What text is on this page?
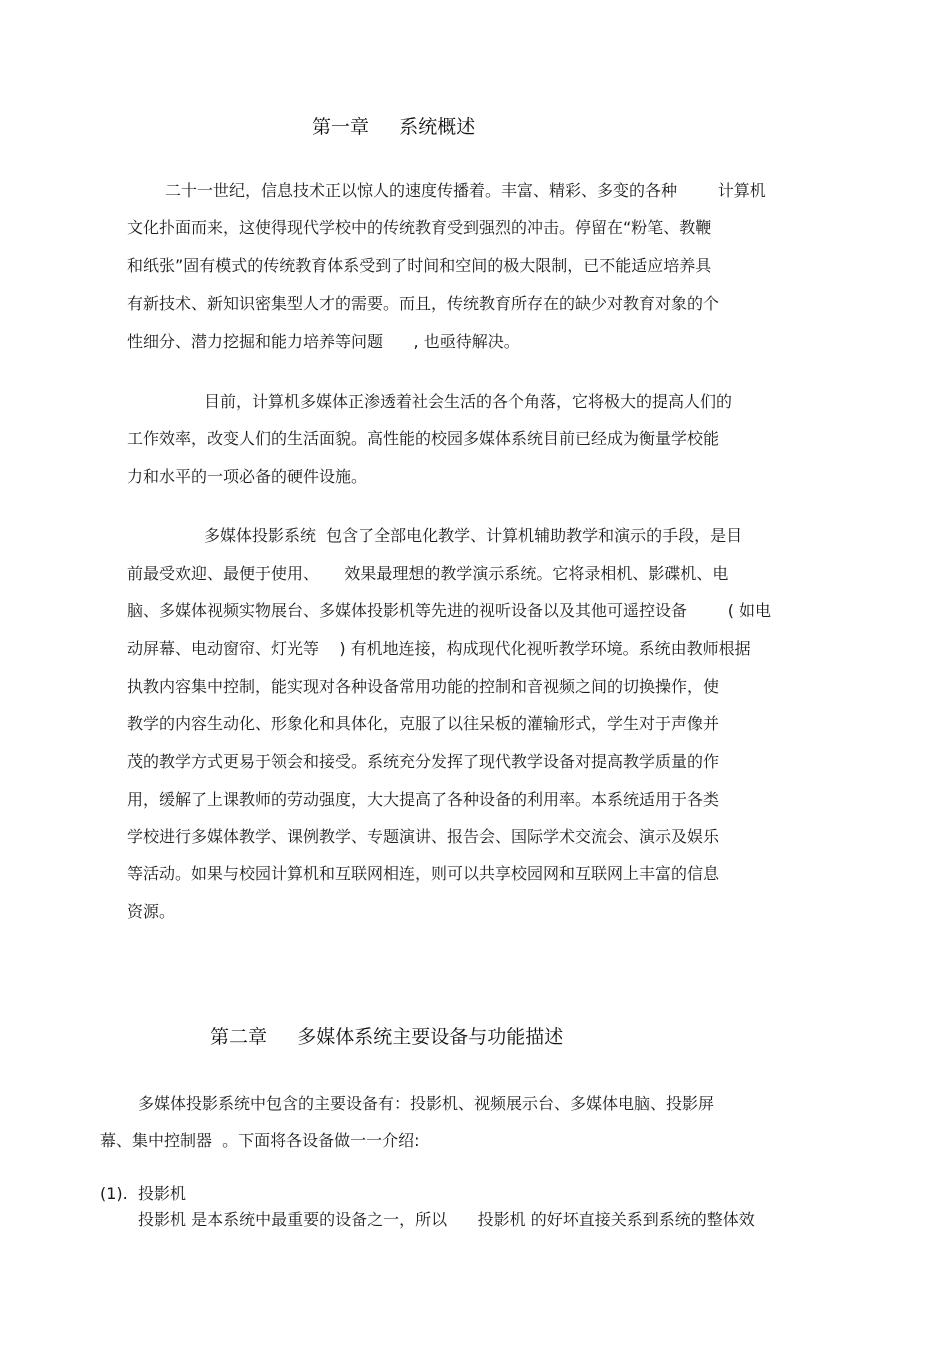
第一章     系统概述
二十一世纪，信息技术正以惊人的速度传播着。丰富、精彩、多变的各种        计算机
文化扑面而来，这使得现代学校中的传统教育受到强烈的冲击。停留在“粉笔、教鞭
和纸张”固有模式的传统教育体系受到了时间和空间的极大限制，已不能适应培养具
有新技术、新知识密集型人才的需要。而且，传统教育所存在的缺少对教育对象的个
性细分、潜力挖掘和能力培养等问题      , 也亟待解决。
目前，计算机多媒体正渗透着社会生活的各个角落，它将极大的提高人们的
工作效率，改变人们的生活面貌。高性能的校园多媒体系统目前已经成为衡量学校能
力和水平的一项必备的硬件设施。
多媒体投影系统  包含了全部电化教学、计算机辅助教学和演示的手段，是目
前最受欢迎、最便于使用、     效果最理想的教学演示系统。它将录相机、影碟机、电
脑、多媒体视频实物展台、多媒体投影机等先进的视听设备以及其他可遥控设备        ( 如电
动屏幕、电动窗帘、灯光等    ) 有机地连接，构成现代化视听教学环境。系统由教师根据
执教内容集中控制，能实现对各种设备常用功能的控制和音视频之间的切换操作，使
教学的内容生动化、形象化和具体化，克服了以往呆板的灌输形式，学生对于声像并
茂的教学方式更易于领会和接受。系统充分发挥了现代教学设备对提高教学质量的作
用，缓解了上课教师的劳动强度，大大提高了各种设备的利用率。本系统适用于各类
学校进行多媒体教学、课例教学、专题演讲、报告会、国际学术交流会、演示及娱乐
等活动。如果与校园计算机和互联网相连，则可以共享校园网和互联网上丰富的信息
资源。
第二章     多媒体系统主要设备与功能描述
多媒体投影系统中包含的主要设备有：投影机、视频展示台、多媒体电脑、投影屏
幕、集中控制器  。下面将各设备做一一介绍:
(1). 投影机
投影机 是本系统中最重要的设备之一，所以      投影机 的好坏直接关系到系统的整体效
